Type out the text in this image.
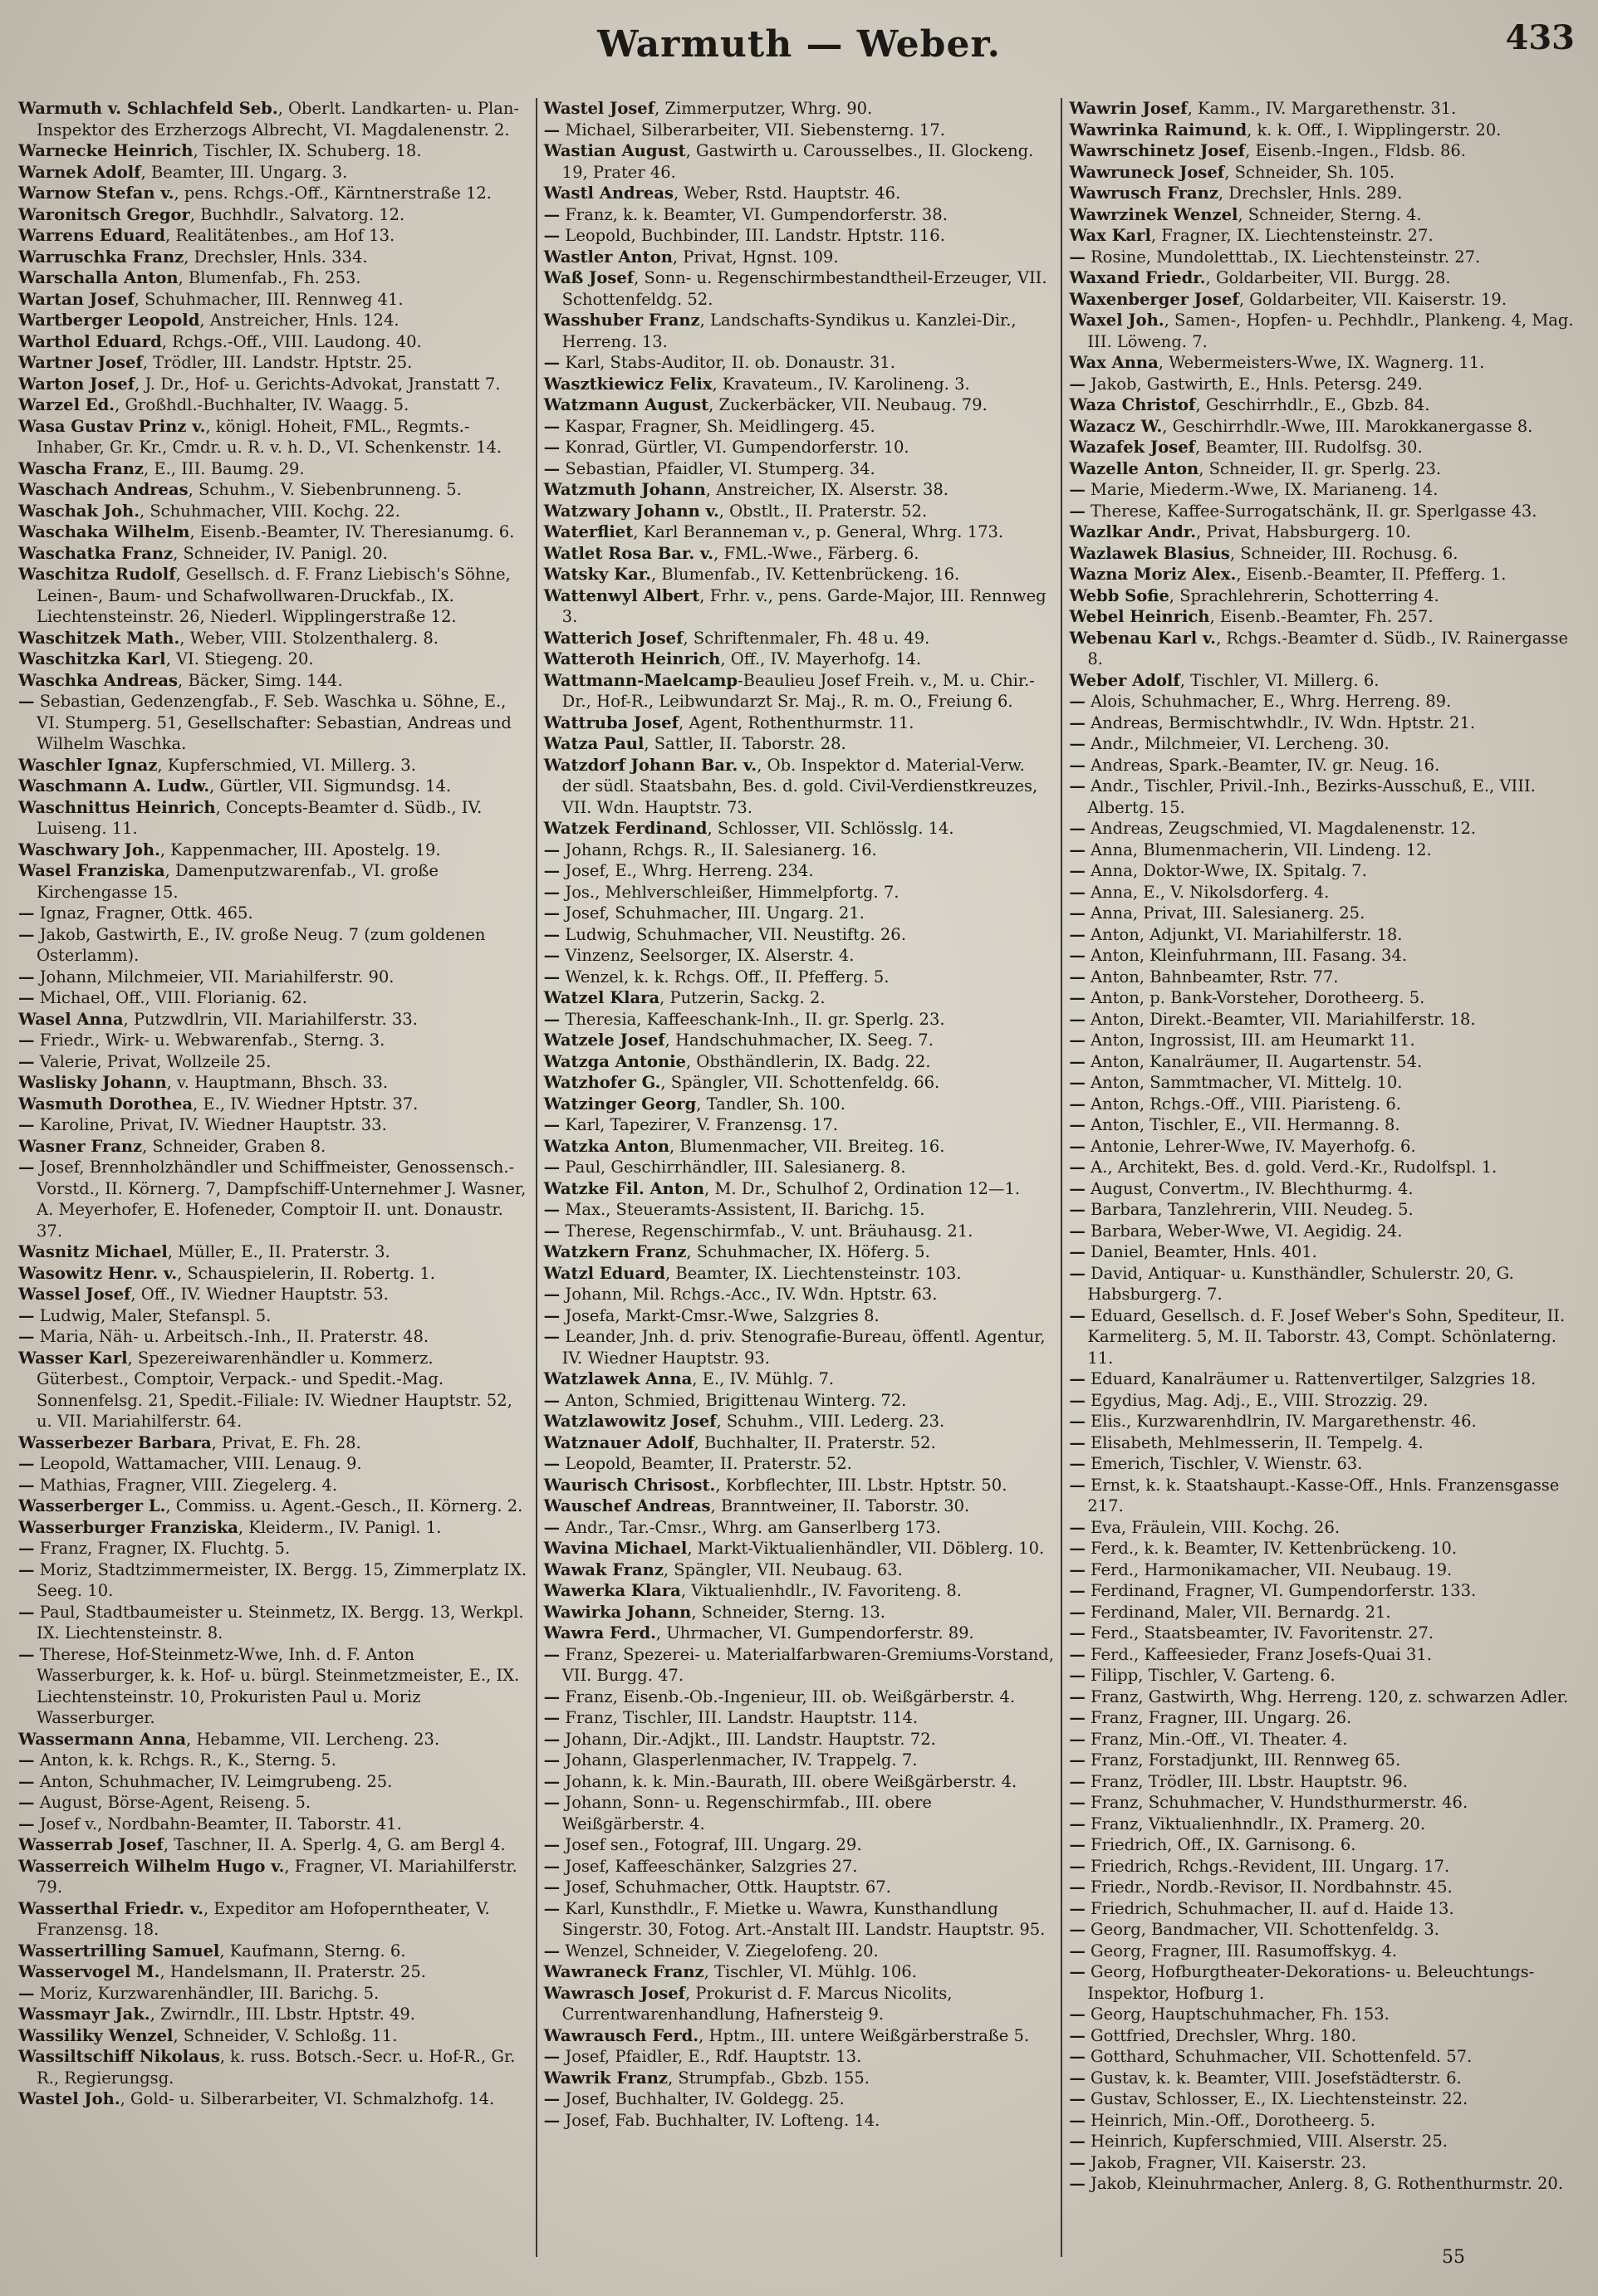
Warmuth — Weber.	433

Warmuth v. Schlachfeld Seb., Oberlt. Landkarten- u. Plan-Inspektor des Erzherzogs Albrecht, VI. Magdalenenstr. 2.

Warnecke Heinrich, Tischler, IX. Schuberg. 18.

Warnek Adolf, Beamter, III. Ungarg. 3.

Warnow Stefan v., pens. Rchgs.-Off., Kärntnerstraße 12.

Waronitsch Gregor, Buchhdlr., Salvatorg. 12.

Warrens Eduard, Realitätenbes., am Hof 13.

Warruschka Franz, Drechsler, Hnls. 334.

Warschalla Anton, Blumenfab., Fh. 253.

Wartan Josef, Schuhmacher, III. Rennweg 41.

Wartberger Leopold, Anstreicher, Hnls. 124.

Warthol Eduard, Rchgs.-Off., VIII. Laudong. 40.

Wartner Josef, Trödler, III. Landstr. Hptstr. 25.

Warton Josef, J. Dr., Hof- u. Gerichts-Advokat, Jranstatt 7.

Warzel Ed., Großhdl.-Buchhalter, IV. Waagg. 5.

Wasa Gustav Prinz v., königl. Hoheit, FML., Regmts.-Inhaber, Gr. Kr., Cmdr. u. R. v. h. D., VI. Schenkenstr. 14.

Wascha Franz, E., III. Baumg. 29.

Waschach Andreas, Schuhm., V. Siebenbrunneng. 5.

Waschak Joh., Schuhmacher, VIII. Kochg. 22.

Waschaka Wilhelm, Eisenb.-Beamter, IV. Theresianumg. 6.

Waschatka Franz, Schneider, IV. Panigl. 20.

Waschitza Rudolf, Gesellsch. d. F. Franz Liebisch's Söhne, Leinen-, Baum- und Schafwollwaren-Druckfab., IX. Liechtensteinstr. 26, Niederl. Wipplingerstraße 12.

Waschitzek Math., Weber, VIII. Stolzenthalerg. 8.

Waschitzka Karl, VI. Stiegeng. 20.

Waschka Andreas, Bäcker, Simg. 144.

— Sebastian, Gedenzengfab., F. Seb. Waschka u. Söhne, E., VI. Stumperg. 51, Gesellschafter: Sebastian, Andreas und Wilhelm Waschka.

Waschler Ignaz, Kupferschmied, VI. Millerg. 3.

Waschmann A. Ludw., Gürtler, VII. Sigmundsg. 14.

Waschnittus Heinrich, Concepts-Beamter d. Südb., IV. Luiseng. 11.

Waschwary Joh., Kappenmacher, III. Apostelg. 19.

Wasel Franziska, Damenputzwarenfab., VI. große Kirchengasse 15.

— Ignaz, Fragner, Ottk. 465.

— Jakob, Gastwirth, E., IV. große Neug. 7 (zum goldenen Osterlamm).

— Johann, Milchmeier, VII. Mariahilferstr. 90.

— Michael, Off., VIII. Florianig. 62.

Wasel Anna, Putzwdlrin, VII. Mariahilferstr. 33.

— Friedr., Wirk- u. Webwarenfab., Sterng. 3.

— Valerie, Privat, Wollzeile 25.

Waslisky Johann, v. Hauptmann, Bhsch. 33.

Wasmuth Dorothea, E., IV. Wiedner Hptstr. 37.

— Karoline, Privat, IV. Wiedner Hauptstr. 33.

Wasner Franz, Schneider, Graben 8.

— Josef, Brennholzhändler und Schiffmeister, Genossensch.-Vorstd., II. Körnerg. 7, Dampfschiff-Unternehmer J. Wasner, A. Meyerhofer, E. Hofeneder, Comptoir II. unt. Donaustr. 37.

Wasnitz Michael, Müller, E., II. Praterstr. 3.

Wasowitz Henr. v., Schauspielerin, II. Robertg. 1.

Wassel Josef, Off., IV. Wiedner Hauptstr. 53.

— Ludwig, Maler, Stefanspl. 5.

— Maria, Näh- u. Arbeitsch.-Inh., II. Praterstr. 48.

Wasser Karl, Spezereiwarenhändler u. Kommerz. Güterbest., Comptoir, Verpack.- und Spedit.-Mag. Sonnenfelsg. 21, Spedit.-Filiale: IV. Wiedner Hauptstr. 52, u. VII. Mariahilferstr. 64.

Wasserbezer Barbara, Privat, E. Fh. 28.

— Leopold, Wattamacher, VIII. Lenaug. 9.

— Mathias, Fragner, VIII. Ziegelerg. 4.

Wasserberger L., Commiss. u. Agent.-Gesch., II. Körnerg. 2.

Wasserburger Franziska, Kleiderm., IV. Panigl. 1.

— Franz, Fragner, IX. Fluchtg. 5.

— Moriz, Stadtzimmermeister, IX. Bergg. 15, Zimmerplatz IX. Seeg. 10.

— Paul, Stadtbaumeister u. Steinmetz, IX. Bergg. 13, Werkpl. IX. Liechtensteinstr. 8.

— Therese, Hof-Steinmetz-Wwe, Inh. d. F. Anton Wasserburger, k. k. Hof- u. bürgl. Steinmetzmeister, E., IX. Liechtensteinstr. 10, Prokuristen Paul u. Moriz Wasserburger.

Wassermann Anna, Hebamme, VII. Lercheng. 23.

— Anton, k. k. Rchgs. R., K., Sterng. 5.

— Anton, Schuhmacher, IV. Leimgrubeng. 25.

— August, Börse-Agent, Reiseng. 5.

— Josef v., Nordbahn-Beamter, II. Taborstr. 41.

Wasserrab Josef, Taschner, II. A. Sperlg. 4, G. am Bergl 4.

Wasserreich Wilhelm Hugo v., Fragner, VI. Mariahilferstr. 79.

Wasserthal Friedr. v., Expeditor am Hofoperntheater, V. Franzensg. 18.

Wassertrilling Samuel, Kaufmann, Sterng. 6.

Wasservogel M., Handelsmann, II. Praterstr. 25.

— Moriz, Kurzwarenhändler, III. Barichg. 5.

Wassmayr Jak., Zwirndlr., III. Lbstr. Hptstr. 49.

Wassiliky Wenzel, Schneider, V. Schloßg. 11.

Wassiltschiff Nikolaus, k. russ. Botsch.-Secr. u. Hof-R., Gr. R., Regierungsg.

Wastel Joh., Gold- u. Silberarbeiter, VI. Schmalzhofg. 14.

Wastel Josef, Zimmerputzer, Whrg. 90.

— Michael, Silberarbeiter, VII. Siebensterng. 17.

Wastian August, Gastwirth u. Carousselbes., II. Glockeng. 19, Prater 46.

Wastl Andreas, Weber, Rstd. Hauptstr. 46.

— Franz, k. k. Beamter, VI. Gumpendorferstr. 38.

— Leopold, Buchbinder, III. Landstr. Hptstr. 116.

Wastler Anton, Privat, Hgnst. 109.

Waß Josef, Sonn- u. Regenschirmbestandtheil-Erzeuger, VII. Schottenfeldg. 52.

Wasshuber Franz, Landschafts-Syndikus u. Kanzlei-Dir., Herreng. 13.

— Karl, Stabs-Auditor, II. ob. Donaustr. 31.

Wasztkiewicz Felix, Kravateum., IV. Karolineng. 3.

Watzmann August, Zuckerbäcker, VII. Neubaug. 79.

— Kaspar, Fragner, Sh. Meidlingerg. 45.

— Konrad, Gürtler, VI. Gumpendorferstr. 10.

— Sebastian, Pfaidler, VI. Stumperg. 34.

Watzmuth Johann, Anstreicher, IX. Alserstr. 38.

Watzwary Johann v., Obstlt., II. Praterstr. 52.

Waterfliet, Karl Beranneman v., p. General, Whrg. 173.

Watlet Rosa Bar. v., FML.-Wwe., Färberg. 6.

Watsky Kar., Blumenfab., IV. Kettenbrückeng. 16.

Wattenwyl Albert, Frhr. v., pens. Garde-Major, III. Rennweg 3.

Watterich Josef, Schriftenmaler, Fh. 48 u. 49.

Watteroth Heinrich, Off., IV. Mayerhofg. 14.

Wattmann-Maelcamp-Beaulieu Josef Freih. v., M. u. Chir.-Dr., Hof-R., Leibwundarzt Sr. Maj., R. m. O., Freiung 6.

Wattruba Josef, Agent, Rothenthurmstr. 11.

Watza Paul, Sattler, II. Taborstr. 28.

Watzdorf Johann Bar. v., Ob. Inspektor d. Material-Verw. der südl. Staatsbahn, Bes. d. gold. Civil-Verdienstkreuzes, VII. Wdn. Hauptstr. 73.

Watzek Ferdinand, Schlosser, VII. Schlösslg. 14.

— Johann, Rchgs. R., II. Salesianerg. 16.

— Josef, E., Whrg. Herreng. 234.

— Jos., Mehlverschleißer, Himmelpfortg. 7.

— Josef, Schuhmacher, III. Ungarg. 21.

— Ludwig, Schuhmacher, VII. Neustiftg. 26.

— Vinzenz, Seelsorger, IX. Alserstr. 4.

— Wenzel, k. k. Rchgs. Off., II. Pfefferg. 5.

Watzel Klara, Putzerin, Sackg. 2.

— Theresia, Kaffeeschank-Inh., II. gr. Sperlg. 23.

Watzele Josef, Handschuhmacher, IX. Seeg. 7.

Watzga Antonie, Obsthändlerin, IX. Badg. 22.

Watzhofer G., Spängler, VII. Schottenfeldg. 66.

Watzinger Georg, Tandler, Sh. 100.

— Karl, Tapezirer, V. Franzensg. 17.

Watzka Anton, Blumenmacher, VII. Breiteg. 16.

— Paul, Geschirrhändler, III. Salesianerg. 8.

Watzke Fil. Anton, M. Dr., Schulhof 2, Ordination 12—1.

— Max., Steueramts-Assistent, II. Barichg. 15.

— Therese, Regenschirmfab., V. unt. Bräuhausg. 21.

Watzkern Franz, Schuhmacher, IX. Höferg. 5.

Watzl Eduard, Beamter, IX. Liechtensteinstr. 103.

— Johann, Mil. Rchgs.-Acc., IV. Wdn. Hptstr. 63.

— Josefa, Markt-Cmsr.-Wwe, Salzgries 8.

— Leander, Jnh. d. priv. Stenografie-Bureau, öffentl. Agentur, IV. Wiedner Hauptstr. 93.

Watzlawek Anna, E., IV. Mühlg. 7.

— Anton, Schmied, Brigittenau Winterg. 72.

Watzlawowitz Josef, Schuhm., VIII. Lederg. 23.

Watznauer Adolf, Buchhalter, II. Praterstr. 52.

— Leopold, Beamter, II. Praterstr. 52.

Waurisch Chrisost., Korbflechter, III. Lbstr. Hptstr. 50.

Wauschef Andreas, Branntweiner, II. Taborstr. 30.

— Andr., Tar.-Cmsr., Whrg. am Ganserlberg 173.

Wavina Michael, Markt-Viktualienhändler, VII. Döblerg. 10.

Wawak Franz, Spängler, VII. Neubaug. 63.

Wawerka Klara, Viktualienhdlr., IV. Favoriteng. 8.

Wawirka Johann, Schneider, Sterng. 13.

Wawra Ferd., Uhrmacher, VI. Gumpendorferstr. 89.

— Franz, Spezerei- u. Materialfarbwaren-Gremiums-Vorstand, VII. Burgg. 47.

— Franz, Eisenb.-Ob.-Ingenieur, III. ob. Weißgärberstr. 4.

— Franz, Tischler, III. Landstr. Hauptstr. 114.

— Johann, Dir.-Adjkt., III. Landstr. Hauptstr. 72.

— Johann, Glasperlenmacher, IV. Trappelg. 7.

— Johann, k. k. Min.-Baurath, III. obere Weißgärberstr. 4.

— Johann, Sonn- u. Regenschirmfab., III. obere Weißgärberstr. 4.

— Josef sen., Fotograf, III. Ungarg. 29.

— Josef, Kaffeeschänker, Salzgries 27.

— Josef, Schuhmacher, Ottk. Hauptstr. 67.

— Karl, Kunsthdlr., F. Mietke u. Wawra, Kunsthandlung Singerstr. 30, Fotog. Art.-Anstalt III. Landstr. Hauptstr. 95.

— Wenzel, Schneider, V. Ziegelofeng. 20.

Wawraneck Franz, Tischler, VI. Mühlg. 106.

Wawrasch Josef, Prokurist d. F. Marcus Nicolits, Currentwarenhandlung, Hafnersteig 9.

Wawrausch Ferd., Hptm., III. untere Weißgärberstraße 5.

— Josef, Pfaidler, E., Rdf. Hauptstr. 13.

Wawrik Franz, Strumpfab., Gbzb. 155.

— Josef, Buchhalter, IV. Goldegg. 25.

— Josef, Fab. Buchhalter, IV. Lofteng. 14.

Wawrin Josef, Kamm., IV. Margarethenstr. 31.

Wawrinka Raimund, k. k. Off., I. Wipplingerstr. 20.

Wawrschinetz Josef, Eisenb.-Ingen., Fldsb. 86.

Wawruneck Josef, Schneider, Sh. 105.

Wawrusch Franz, Drechsler, Hnls. 289.

Wawrzinek Wenzel, Schneider, Sterng. 4.

Wax Karl, Fragner, IX. Liechtensteinstr. 27.

— Rosine, Mundoletttab., IX. Liechtensteinstr. 27.

Waxand Friedr., Goldarbeiter, VII. Burgg. 28.

Waxenberger Josef, Goldarbeiter, VII. Kaiserstr. 19.

Waxel Joh., Samen-, Hopfen- u. Pechhdlr., Plankeng. 4, Mag. III. Löweng. 7.

Wax Anna, Webermeisters-Wwe, IX. Wagnerg. 11.

— Jakob, Gastwirth, E., Hnls. Petersg. 249.

Waza Christof, Geschirrhdlr., E., Gbzb. 84.

Wazacz W., Geschirrhdlr.-Wwe, III. Marokkanergasse 8.

Wazafek Josef, Beamter, III. Rudolfsg. 30.

Wazelle Anton, Schneider, II. gr. Sperlg. 23.

— Marie, Miederm.-Wwe, IX. Marianeng. 14.

— Therese, Kaffee-Surrogatschänk, II. gr. Sperlgasse 43.

Wazlkar Andr., Privat, Habsburgerg. 10.

Wazlawek Blasius, Schneider, III. Rochusg. 6.

Wazna Moriz Alex., Eisenb.-Beamter, II. Pfefferg. 1.

Webb Sofie, Sprachlehrerin, Schotterring 4.

Webel Heinrich, Eisenb.-Beamter, Fh. 257.

Webenau Karl v., Rchgs.-Beamter d. Südb., IV. Rainergasse 8.

Weber Adolf, Tischler, VI. Millerg. 6.

— Alois, Schuhmacher, E., Whrg. Herreng. 89.

— Andreas, Bermischtwhdlr., IV. Wdn. Hptstr. 21.

— Andr., Milchmeier, VI. Lercheng. 30.

— Andreas, Spark.-Beamter, IV. gr. Neug. 16.

— Andr., Tischler, Privil.-Inh., Bezirks-Ausschuß, E., VIII. Albertg. 15.

— Andreas, Zeugschmied, VI. Magdalenenstr. 12.

— Anna, Blumenmacherin, VII. Lindeng. 12.

— Anna, Doktor-Wwe, IX. Spitalg. 7.

— Anna, E., V. Nikolsdorferg. 4.

— Anna, Privat, III. Salesianerg. 25.

— Anton, Adjunkt, VI. Mariahilferstr. 18.

— Anton, Kleinfuhrmann, III. Fasang. 34.

— Anton, Bahnbeamter, Rstr. 77.

— Anton, p. Bank-Vorsteher, Dorotheerg. 5.

— Anton, Direkt.-Beamter, VII. Mariahilferstr. 18.

— Anton, Ingrossist, III. am Heumarkt 11.

— Anton, Kanalräumer, II. Augartenstr. 54.

— Anton, Sammtmacher, VI. Mittelg. 10.

— Anton, Rchgs.-Off., VIII. Piaristeng. 6.

— Anton, Tischler, E., VII. Hermanng. 8.

— Antonie, Lehrer-Wwe, IV. Mayerhofg. 6.

— A., Architekt, Bes. d. gold. Verd.-Kr., Rudolfspl. 1.

— August, Convertm., IV. Blechthurmg. 4.

— Barbara, Tanzlehrerin, VIII. Neudeg. 5.

— Barbara, Weber-Wwe, VI. Aegidig. 24.

— Daniel, Beamter, Hnls. 401.

— David, Antiquar- u. Kunsthändler, Schulerstr. 20, G. Habsburgerg. 7.

— Eduard, Gesellsch. d. F. Josef Weber's Sohn, Spediteur, II. Karmeliterg. 5, M. II. Taborstr. 43, Compt. Schönlaterng. 11.

— Eduard, Kanalräumer u. Rattenvertilger, Salzgries 18.

— Egydius, Mag. Adj., E., VIII. Strozzig. 29.

— Elis., Kurzwarenhdlrin, IV. Margarethenstr. 46.

— Elisabeth, Mehlmesserin, II. Tempelg. 4.

— Emerich, Tischler, V. Wienstr. 63.

— Ernst, k. k. Staatshaupt.-Kasse-Off., Hnls. Franzensgasse 217.

— Eva, Fräulein, VIII. Kochg. 26.

— Ferd., k. k. Beamter, IV. Kettenbrückeng. 10.

— Ferd., Harmonikamacher, VII. Neubaug. 19.

— Ferdinand, Fragner, VI. Gumpendorferstr. 133.

— Ferdinand, Maler, VII. Bernardg. 21.

— Ferd., Staatsbeamter, IV. Favoritenstr. 27.

— Ferd., Kaffeesieder, Franz Josefs-Quai 31.

— Filipp, Tischler, V. Garteng. 6.

— Franz, Gastwirth, Whg. Herreng. 120, z. schwarzen Adler.

— Franz, Fragner, III. Ungarg. 26.

— Franz, Min.-Off., VI. Theater. 4.

— Franz, Forstadjunkt, III. Rennweg 65.

— Franz, Trödler, III. Lbstr. Hauptstr. 96.

— Franz, Schuhmacher, V. Hundsthurmerstr. 46.

— Franz, Viktualienhndlr., IX. Pramerg. 20.

— Friedrich, Off., IX. Garnisong. 6.

— Friedrich, Rchgs.-Revident, III. Ungarg. 17.

— Friedr., Nordb.-Revisor, II. Nordbahnstr. 45.

— Friedrich, Schuhmacher, II. auf d. Haide 13.

— Georg, Bandmacher, VII. Schottenfeldg. 3.

— Georg, Fragner, III. Rasumoffskyg. 4.

— Georg, Hofburgtheater-Dekorations- u. Beleuchtungs-Inspektor, Hofburg 1.

— Georg, Hauptschuhmacher, Fh. 153.

— Gottfried, Drechsler, Whrg. 180.

— Gotthard, Schuhmacher, VII. Schottenfeld. 57.

— Gustav, k. k. Beamter, VIII. Josefstädterstr. 6.

— Gustav, Schlosser, E., IX. Liechtensteinstr. 22.

— Heinrich, Min.-Off., Dorotheerg. 5.

— Heinrich, Kupferschmied, VIII. Alserstr. 25.

— Jakob, Fragner, VII. Kaiserstr. 23.

— Jakob, Kleinuhrmacher, Anlerg. 8, G. Rothenthurmstr. 20.

55
